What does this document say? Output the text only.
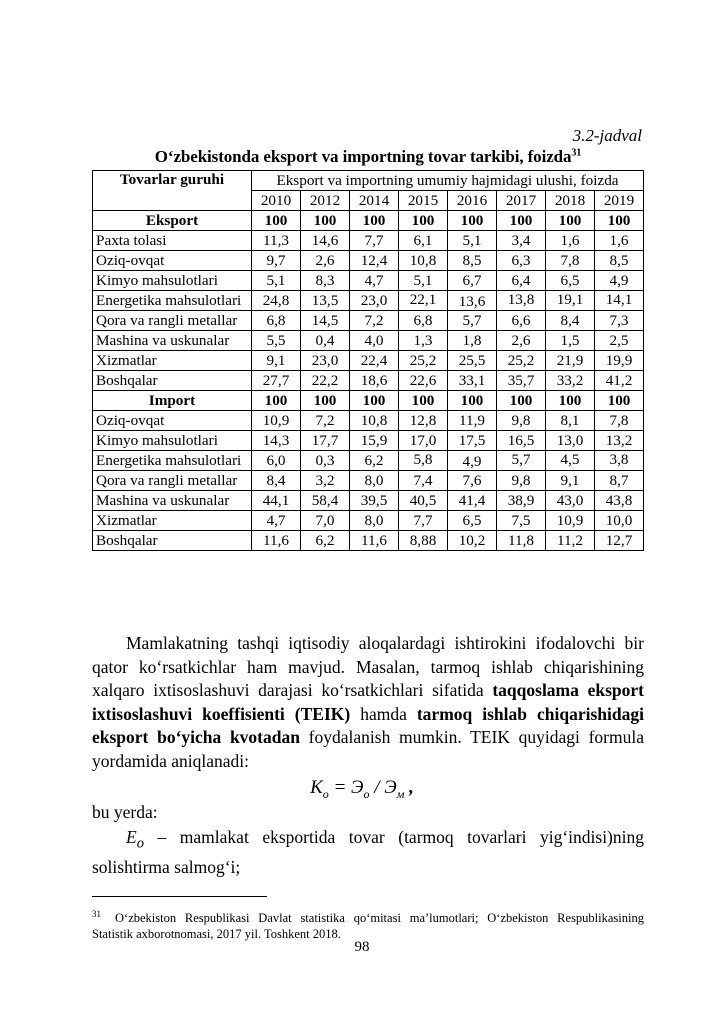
3.2-jadval
O‘zbekistonda eksport va importning tovar tarkibi, foizda$^{31}$
Tovarlar guruhi	Eksport va importning umumiy hajmidagi ulushi, foizda							
	2010	2012	2014	2015	2016	2017	2018	2019
Eksport	100	100	100	100	100	100	100	100
Paxta tolasi	11,3	14,6	7,7	6,1	5,1	3,4	1,6	1,6
Oziq-ovqat	9,7	2,6	12,4	10,8	8,5	6,3	7,8	8,5
Kimyo mahsulotlari	5,1	8,3	4,7	5,1	6,7	6,4	6,5	4,9
Energetika mahsulotlari	24,8	13,5	23,0	22,1	13,6	13,8	19,1	14,1
Qora va rangli metallar	6,8	14,5	7,2	6,8	5,7	6,6	8,4	7,3
Mashina va uskunalar	5,5	0,4	4,0	1,3	1,8	2,6	1,5	2,5
Xizmatlar	9,1	23,0	22,4	25,2	25,5	25,2	21,9	19,9
Boshqalar	27,7	22,2	18,6	22,6	33,1	35,7	33,2	41,2
Import	100	100	100	100	100	100	100	100
Oziq-ovqat	10,9	7,2	10,8	12,8	11,9	9,8	8,1	7,8
Kimyo mahsulotlari	14,3	17,7	15,9	17,0	17,5	16,5	13,0	13,2
Energetika mahsulotlari	6,0	0,3	6,2	5,8	4,9	5,7	4,5	3,8
Qora va rangli metallar	8,4	3,2	8,0	7,4	7,6	9,8	9,1	8,7
Mashina va uskunalar	44,1	58,4	39,5	40,5	41,4	38,9	43,0	43,8
Xizmatlar	4,7	7,0	8,0	7,7	6,5	7,5	10,9	10,0
Boshqalar	11,6	6,2	11,6	8,88	10,2	11,8	11,2	12,7
Mamlakatning tashqi iqtisodiy aloqalardagi ishtirokini ifodalovchi bir qator ko‘rsatkichlar ham mavjud. Masalan, tarmoq ishlab chiqarishining xalqaro ixtisoslashuvi darajasi ko‘rsatkichlari sifatida taqqoslama eksport ixtisoslashuvi koeffisienti (TEIK) hamda tarmoq ishlab chiqarishidagi eksport bo‘yicha kvotadan foydalanish mumkin. TEIK quyidagi formula yordamida aniqlanadi:
$К_о = Э_о / Э_м$ ,
bu yerda:
$E_o$ – mamlakat eksportida tovar (tarmoq tovarlari yig‘indisi)ning solishtirma salmog‘i;
$^{31}$ O‘zbekiston Respublikasi Davlat statistika qo‘mitasi ma’lumotlari; O‘zbekiston Respublikasining Statistik axborotnomasi, 2017 yil. Toshkent 2018.
98
